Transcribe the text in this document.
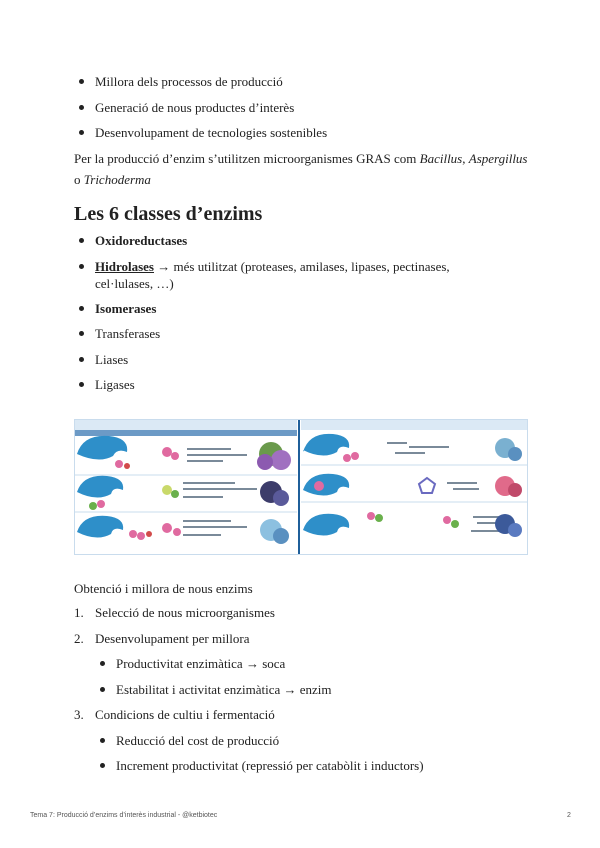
Millora dels processos de producció
Generació de nous productes d’interès
Desenvolupament de tecnologies sostenibles

Per la producció d’enzim s’utilitzen microorganismes GRAS com Bacillus, Aspergillus
o Trichoderma

Les 6 classes d’enzims
Oxidoreductases
Hidrolases → més utilitzat (proteases, amilases, lipases, pectinases,
cel·lulases, …)
Isomerases
Transferases
Liases
Ligases

Obtenció i millora de nous enzims

1. Selecció de nous microorganismes
2. Desenvolupament per millora
Productivitat enzimàtica → soca
Estabilitat i activitat enzimàtica → enzim
3. Condicions de cultiu i fermentació
Reducció del cost de producció
Increment productivitat (repressió per catabòlit i inductors)
Tema 7: Producció d’enzims d’interès industrial - @ketbiotec	2
